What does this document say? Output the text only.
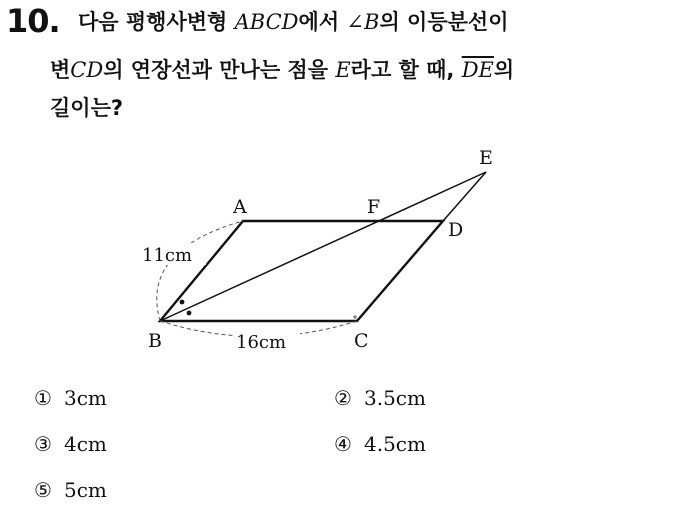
10. 다음 평행사변형 ABCD에서 ∠B의 이등분선이
변CD의 연장선과 만나는 점을 E라고 할 때, $\overline{DE}$의
길이는?
A
B	C
D
E
F
11cm
16cm
① 3cm	② 3.5cm
③ 4cm	④ 4.5cm
⑤ 5cm
